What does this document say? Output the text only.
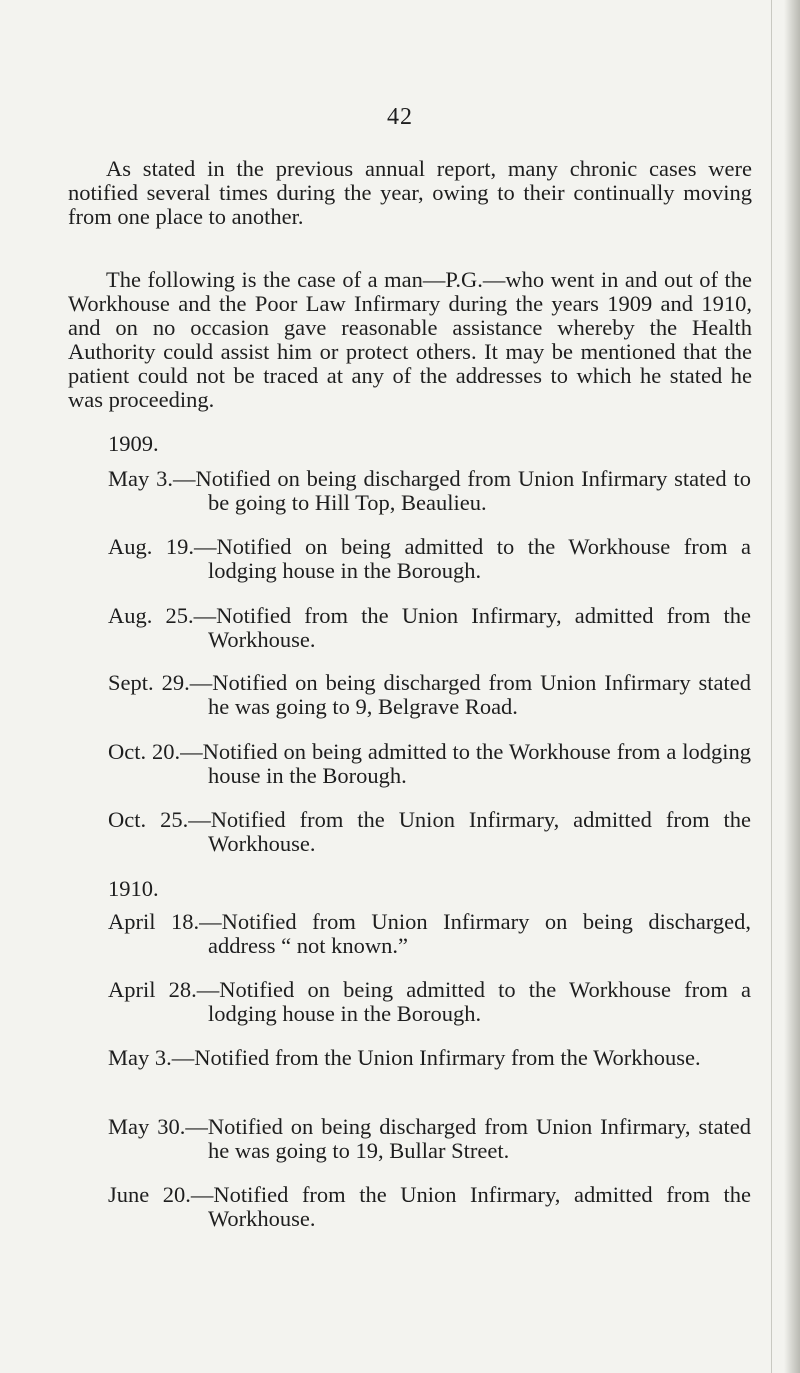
42

As stated in the previous annual report, many chronic cases were notified several times during the year, owing to their continually moving from one place to another.

The following is the case of a man—P.G.—who went in and out of the Workhouse and the Poor Law Infirmary during the years 1909 and 1910, and on no occasion gave reasonable assistance whereby the Health Authority could assist him or protect others. It may be mentioned that the patient could not be traced at any of the addresses to which he stated he was proceeding.

1909.
May 3.—Notified on being discharged from Union Infirmary stated to be going to Hill Top, Beaulieu.
Aug. 19.—Notified on being admitted to the Workhouse from a lodging house in the Borough.
Aug. 25.—Notified from the Union Infirmary, admitted from the Workhouse.
Sept. 29.—Notified on being discharged from Union Infirmary stated he was going to 9, Belgrave Road.
Oct. 20.—Notified on being admitted to the Workhouse from a lodging house in the Borough.
Oct. 25.—Notified from the Union Infirmary, admitted from the Workhouse.
1910.
April 18.—Notified from Union Infirmary on being discharged, address “ not known.”
April 28.—Notified on being admitted to the Workhouse from a lodging house in the Borough.
May 3.—Notified from the Union Infirmary from the Workhouse.
May 30.—Notified on being discharged from Union Infirmary, stated he was going to 19, Bullar Street.
June 20.—Notified from the Union Infirmary, admitted from the Workhouse.
